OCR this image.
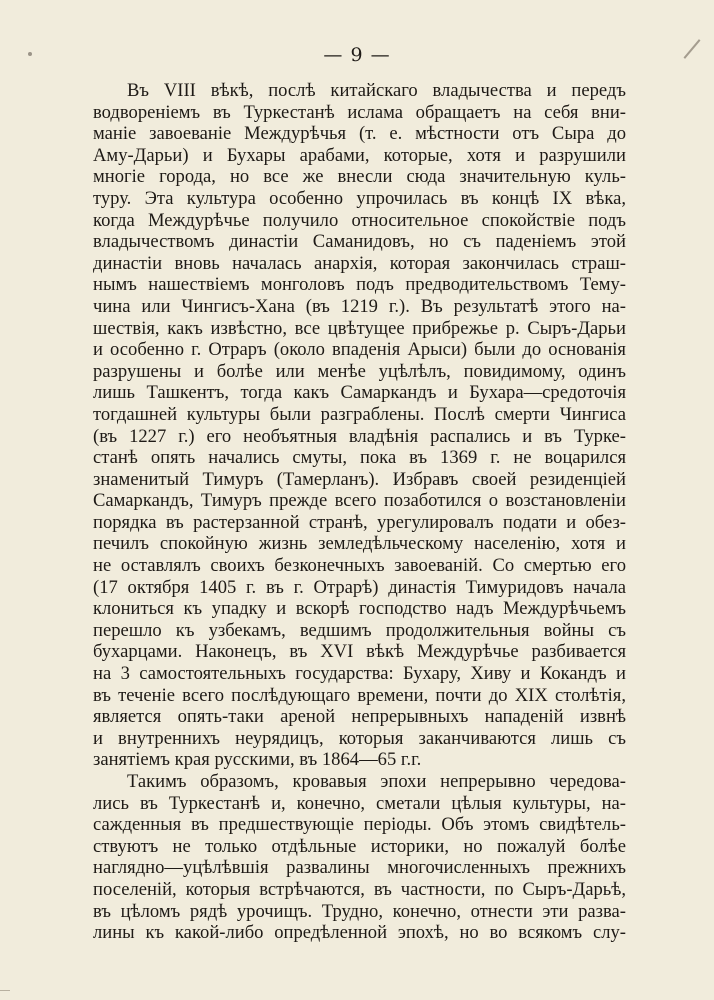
— 9 —
Въ VIII вѣкѣ, послѣ китайскаго владычества и передъ
водвореніемъ въ Туркестанѣ ислама обращаетъ на себя вни-
маніе завоеваніе Междурѣчья (т. е. мѣстности отъ Сыра до
Аму-Дарьи) и Бухары арабами, которые, хотя и разрушили
многіе города, но все же внесли сюда значительную куль-
туру. Эта культура особенно упрочилась въ концѣ IX вѣка,
когда Междурѣчье получило относительное спокойствіе подъ
владычествомъ династіи Саманидовъ, но съ паденіемъ этой
династіи вновь началась анархія, которая закончилась страш-
нымъ нашествіемъ монголовъ подъ предводительствомъ Тему-
чина или Чингисъ-Хана (въ 1219 г.). Въ результатѣ этого на-
шествія, какъ извѣстно, все цвѣтущее прибрежье р. Сыръ-Дарьи
и особенно г. Отраръ (около впаденія Арыси) были до основанія
разрушены и болѣе или менѣе уцѣлѣлъ, повидимому, одинъ
лишь Ташкентъ, тогда какъ Самаркандъ и Бухара—средоточія
тогдашней культуры были разграблены. Послѣ смерти Чингиса
(въ 1227 г.) его необъятныя владѣнія распались и въ Турке-
станѣ опять начались смуты, пока въ 1369 г. не воцарился
знаменитый Тимуръ (Тамерланъ). Избравъ своей резиденціей
Самаркандъ, Тимуръ прежде всего позаботился о возстановленіи
порядка въ растерзанной странѣ, урегулировалъ подати и обез-
печилъ спокойную жизнь земледѣльческому населенію, хотя и
не оставлялъ своихъ безконечныхъ завоеваній. Со смертью его
(17 октября 1405 г. въ г. Отрарѣ) династія Тимуридовъ начала
клониться къ упадку и вскорѣ господство надъ Междурѣчьемъ
перешло къ узбекамъ, ведшимъ продолжительныя войны съ
бухарцами. Наконецъ, въ XVI вѣкѣ Междурѣчье разбивается
на 3 самостоятельныхъ государства: Бухару, Хиву и Кокандъ и
въ теченіе всего послѣдующаго времени, почти до XIX столѣтія,
является опять-таки ареной непрерывныхъ нападеній извнѣ
и внутреннихъ неурядицъ, которыя заканчиваются лишь съ
занятіемъ края русскими, въ 1864—65 г.г.
Такимъ образомъ, кровавыя эпохи непрерывно чередова-
лись въ Туркестанѣ и, конечно, сметали цѣлыя культуры, на-
сажденныя въ предшествующіе періоды. Объ этомъ свидѣтель-
ствуютъ не только отдѣльные историки, но пожалуй болѣе
наглядно—уцѣлѣвшія развалины многочисленныхъ прежнихъ
поселеній, которыя встрѣчаются, въ частности, по Сыръ-Дарьѣ,
въ цѣломъ рядѣ урочищъ. Трудно, конечно, отнести эти разва-
лины къ какой-либо опредѣленной эпохѣ, но во всякомъ слу-
